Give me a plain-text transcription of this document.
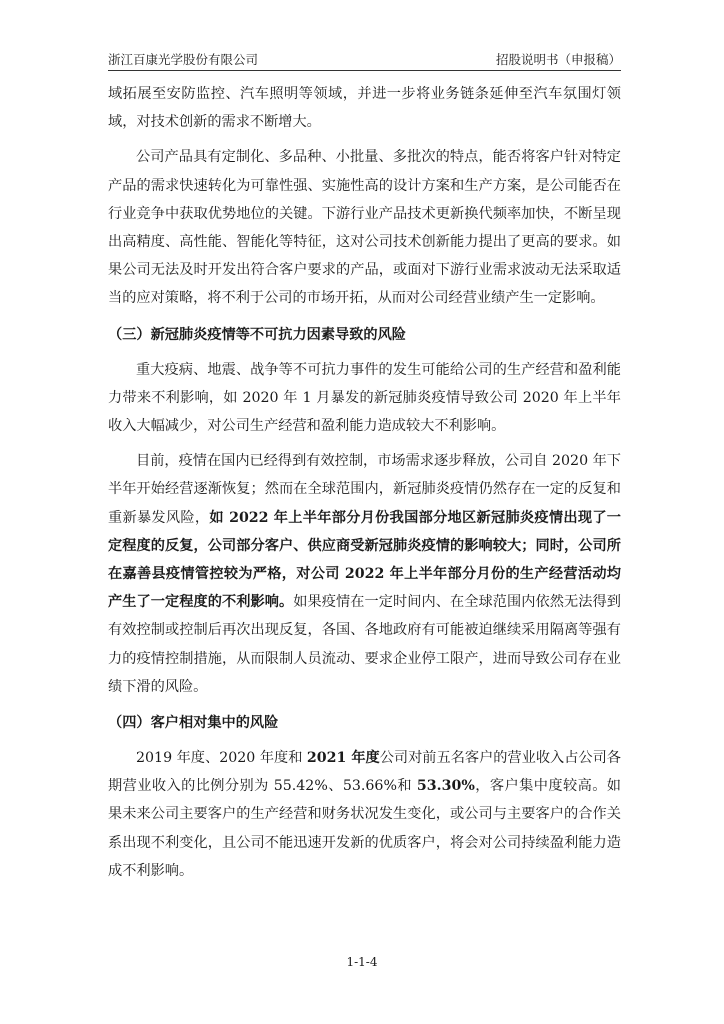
浙江百康光学股份有限公司	招股说明书（申报稿）

域拓展至安防监控、汽车照明等领域，并进一步将业务链条延伸至汽车氛围灯领域，对技术创新的需求不断增大。

公司产品具有定制化、多品种、小批量、多批次的特点，能否将客户针对特定产品的需求快速转化为可靠性强、实施性高的设计方案和生产方案，是公司能否在行业竞争中获取优势地位的关键。下游行业产品技术更新换代频率加快，不断呈现出高精度、高性能、智能化等特征，这对公司技术创新能力提出了更高的要求。如果公司无法及时开发出符合客户要求的产品，或面对下游行业需求波动无法采取适当的应对策略，将不利于公司的市场开拓，从而对公司经营业绩产生一定影响。

（三）新冠肺炎疫情等不可抗力因素导致的风险

重大疫病、地震、战争等不可抗力事件的发生可能给公司的生产经营和盈利能力带来不利影响，如 2020 年 1 月暴发的新冠肺炎疫情导致公司 2020 年上半年收入大幅减少，对公司生产经营和盈利能力造成较大不利影响。

目前，疫情在国内已经得到有效控制，市场需求逐步释放，公司自 2020 年下半年开始经营逐渐恢复；然而在全球范围内，新冠肺炎疫情仍然存在一定的反复和重新暴发风险，如 2022 年上半年部分月份我国部分地区新冠肺炎疫情出现了一定程度的反复，公司部分客户、供应商受新冠肺炎疫情的影响较大；同时，公司所在嘉善县疫情管控较为严格，对公司 2022 年上半年部分月份的生产经营活动均产生了一定程度的不利影响。如果疫情在一定时间内、在全球范围内依然无法得到有效控制或控制后再次出现反复，各国、各地政府有可能被迫继续采用隔离等强有力的疫情控制措施，从而限制人员流动、要求企业停工限产，进而导致公司存在业绩下滑的风险。

（四）客户相对集中的风险

2019 年度、2020 年度和 2021 年度公司对前五名客户的营业收入占公司各期营业收入的比例分别为 55.42%、53.66%和 53.30%，客户集中度较高。如果未来公司主要客户的生产经营和财务状况发生变化，或公司与主要客户的合作关系出现不利变化，且公司不能迅速开发新的优质客户，将会对公司持续盈利能力造成不利影响。

1-1-4
